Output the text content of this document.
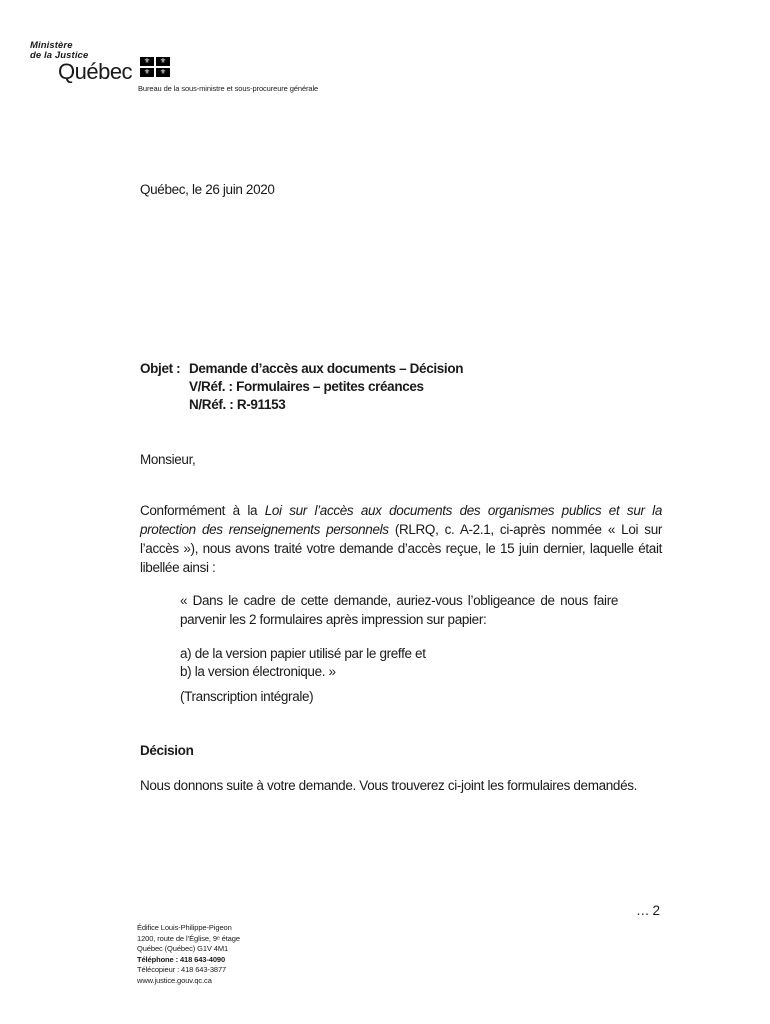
Ministère
de la Justice
Québec	⚜	⚜
⚜	⚜
Bureau de la sous-ministre et sous-procureure générale
Québec, le 26 juin 2020
Objet : Demande d’accès aux documents – Décision
V/Réf. : Formulaires – petites créances
N/Réf. : R-91153
Monsieur,
Conformément à la Loi sur l’accès aux documents des organismes publics et sur la protection des renseignements personnels (RLRQ, c. A-2.1, ci-après nommée « Loi sur l’accès »), nous avons traité votre demande d’accès reçue, le 15 juin dernier, laquelle était libellée ainsi :
« Dans le cadre de cette demande, auriez-vous l’obligeance de nous faire parvenir les 2 formulaires après impression sur papier:
a) de la version papier utilisé par le greffe et
b) la version électronique. »
(Transcription intégrale)
Décision
Nous donnons suite à votre demande. Vous trouverez ci-joint les formulaires demandés.
… 2
Édifice Louis-Philippe-Pigeon
1200, route de l’Église, 9ᵉ étage
Québec (Québec) G1V 4M1
Téléphone : 418 643-4090
Télécopieur : 418 643-3877
www.justice.gouv.qc.ca
